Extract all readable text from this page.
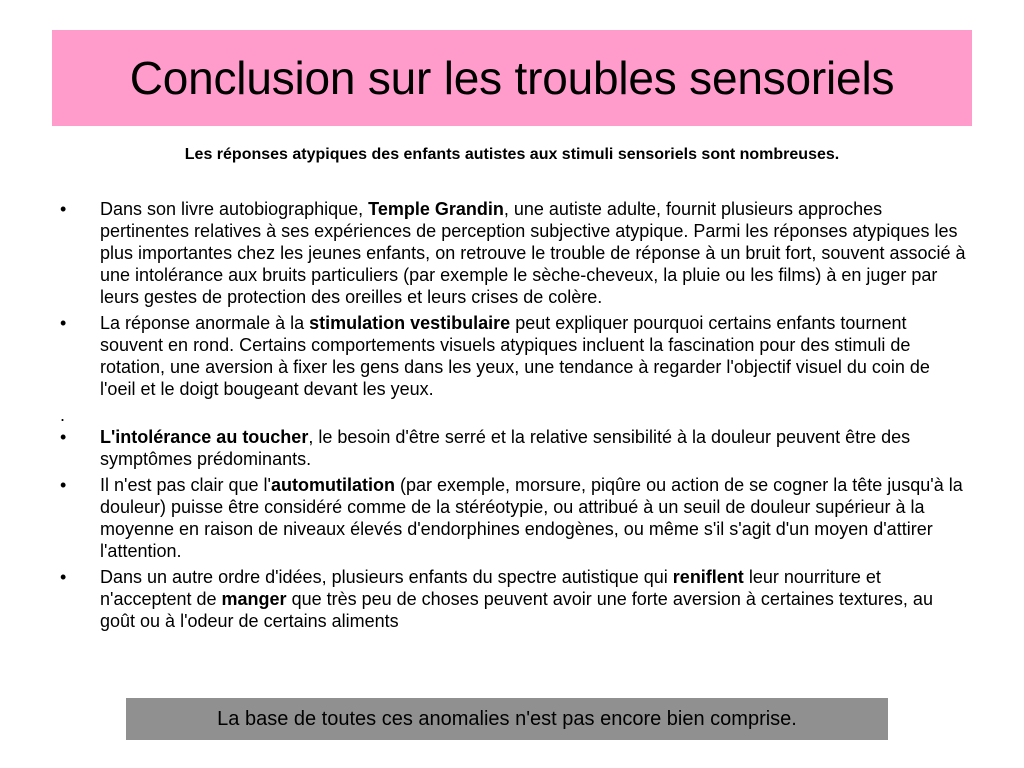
Conclusion sur les troubles sensoriels
Les réponses atypiques des enfants autistes aux stimuli sensoriels sont nombreuses.
• Dans son livre autobiographique, Temple Grandin, une autiste adulte, fournit plusieurs approches pertinentes relatives à ses expériences de perception subjective atypique. Parmi les réponses atypiques les plus importantes chez les jeunes enfants, on retrouve le trouble de réponse à un bruit fort, souvent associé à une intolérance aux bruits particuliers (par exemple le sèche-cheveux, la pluie ou les films) à en juger par leurs gestes de protection des oreilles et leurs crises de colère.
• La réponse anormale à la stimulation vestibulaire peut expliquer pourquoi certains enfants tournent souvent en rond. Certains comportements visuels atypiques incluent la fascination pour des stimuli de rotation, une aversion à fixer les gens dans les yeux, une tendance à regarder l'objectif visuel du coin de l'oeil et le doigt bougeant devant les yeux.
.
• L'intolérance au toucher, le besoin d'être serré et la relative sensibilité à la douleur peuvent être des symptômes prédominants.
• Il n'est pas clair que l'automutilation (par exemple, morsure, piqûre ou action de se cogner la tête jusqu'à la douleur) puisse être considéré comme de la stéréotypie, ou attribué à un seuil de douleur supérieur à la moyenne en raison de niveaux élevés d'endorphines endogènes, ou même s'il s'agit d'un moyen d'attirer l'attention.
• Dans un autre ordre d'idées, plusieurs enfants du spectre autistique qui reniflent leur nourriture et n'acceptent de manger que très peu de choses peuvent avoir une forte aversion à certaines textures, au goût ou à l'odeur de certains aliments
La base de toutes ces anomalies n'est pas encore bien comprise.
